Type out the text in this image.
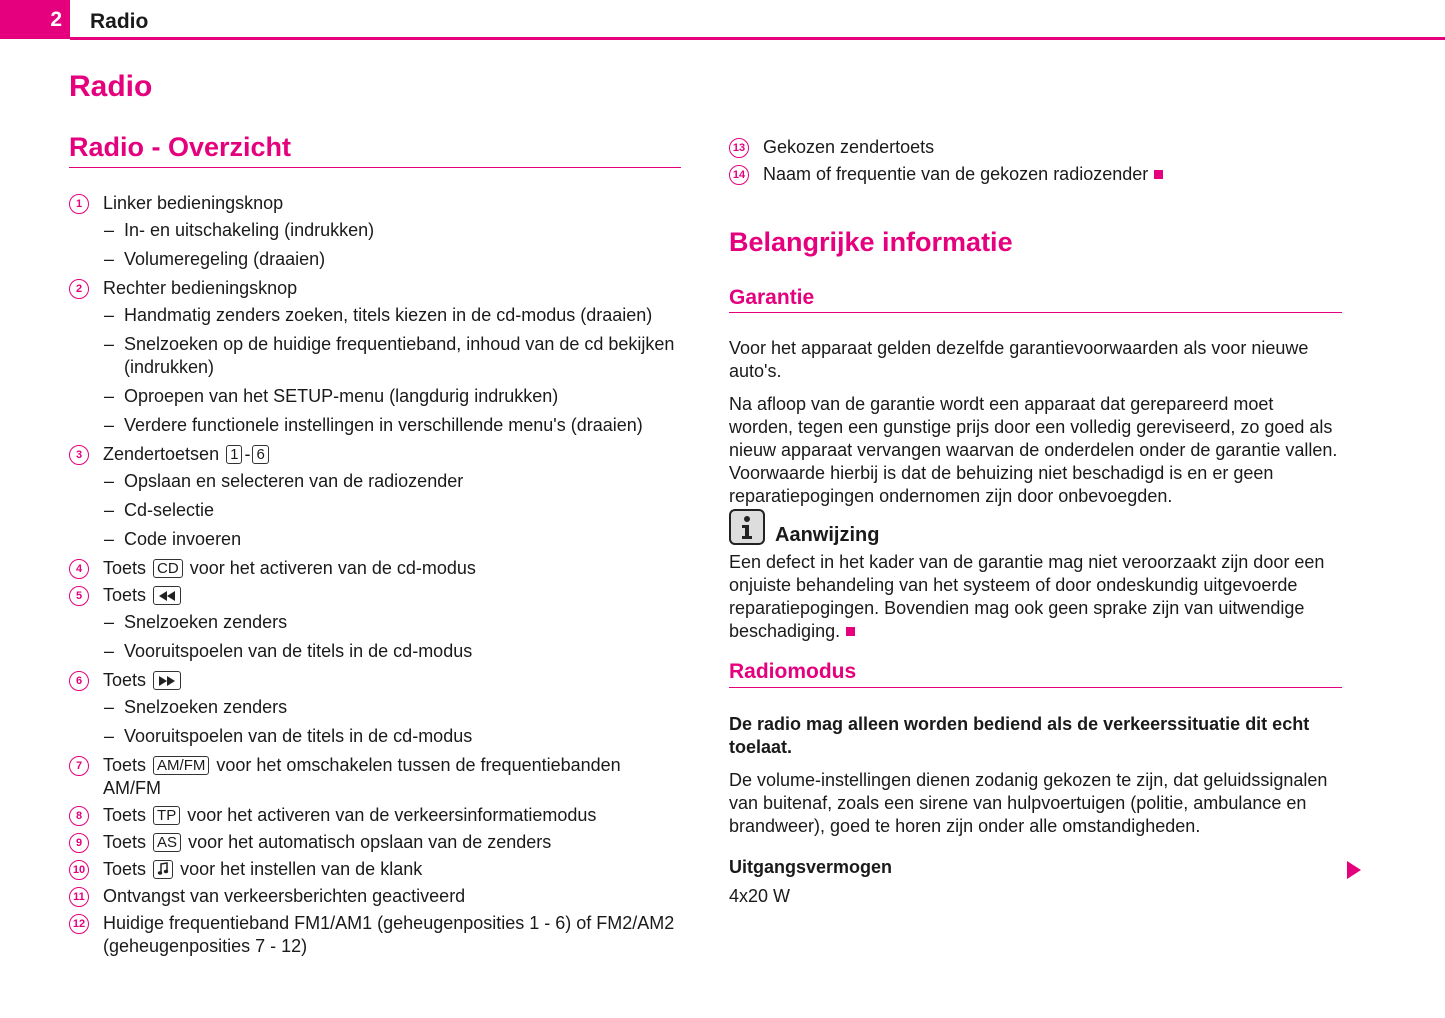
2	Radio
Radio
Radio - Overzicht
1	Linker bedieningsknop
– In- en uitschakeling (indrukken)
– Volumeregeling (draaien)
2	Rechter bedieningsknop
– Handmatig zenders zoeken, titels kiezen in de cd-modus (draaien)
– Snelzoeken op de huidige frequentieband, inhoud van de cd bekijken (indrukken)
– Oproepen van het SETUP-menu (langdurig indrukken)
– Verdere functionele instellingen in verschillende menu's (draaien)
3	Zendertoetsen 1 - 6
– Opslaan en selecteren van de radiozender
– Cd-selectie
– Code invoeren
4	Toets CD voor het activeren van de cd-modus
5	Toets
– Snelzoeken zenders
– Vooruitspoelen van de titels in de cd-modus
6	Toets
– Snelzoeken zenders
– Vooruitspoelen van de titels in de cd-modus
7	Toets AM/FM voor het omschakelen tussen de frequentiebanden AM/FM
8	Toets TP voor het activeren van de verkeersinformatiemodus
9	Toets AS voor het automatisch opslaan van de zenders
10 Toets voor het instellen van de klank
11 Ontvangst van verkeersberichten geactiveerd
12 Huidige frequentieband FM1/AM1 (geheugenposities 1 - 6) of FM2/AM2 (geheugenposities 7 - 12)
13 Gekozen zendertoets
14 Naam of frequentie van de gekozen radiozender
Belangrijke informatie
Garantie

Voor het apparaat gelden dezelfde garantievoorwaarden als voor nieuwe auto's.

Na afloop van de garantie wordt een apparaat dat gerepareerd moet worden, tegen een gunstige prijs door een volledig gereviseerd, zo goed als nieuw apparaat vervangen waarvan de onderdelen onder de garantie vallen. Voorwaarde hierbij is dat de behuizing niet beschadigd is en er geen reparatiepogingen ondernomen zijn door onbevoegden.

Aanwijzing

Een defect in het kader van de garantie mag niet veroorzaakt zijn door een onjuiste behandeling van het systeem of door ondeskundig uitgevoerde reparatiepogingen. Bovendien mag ook geen sprake zijn van uitwendige beschadiging.

Radiomodus

De radio mag alleen worden bediend als de verkeerssituatie dit echt toelaat.

De volume-instellingen dienen zodanig gekozen te zijn, dat geluidssignalen van buitenaf, zoals een sirene van hulpvoertuigen (politie, ambulance en brandweer), goed te horen zijn onder alle omstandigheden.

Uitgangsvermogen

4x20 W
